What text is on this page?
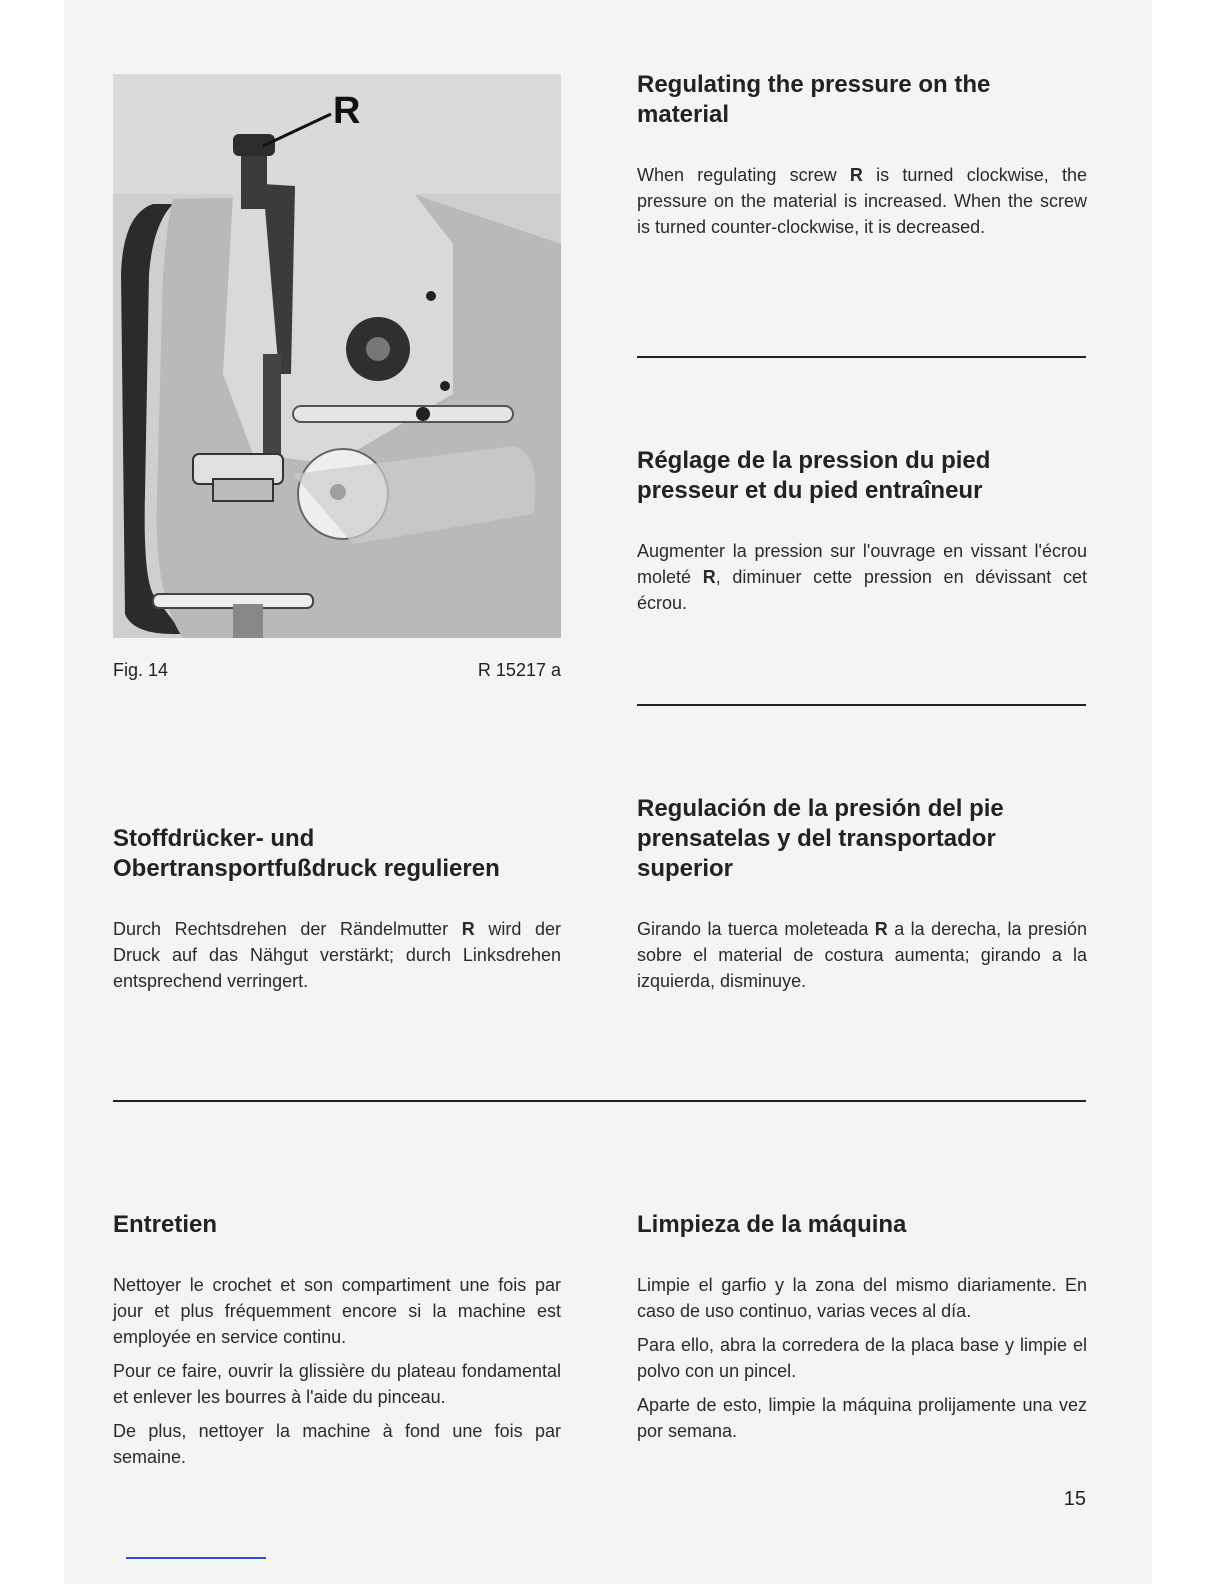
R
Fig. 14	R 15217 a
Regulating the pressure on the material

When regulating screw R is turned clockwise, the pressure on the material is increased. When the screw is turned counter-clockwise, it is decreased.

Réglage de la pression du pied presseur et du pied entraîneur

Augmenter la pression sur l'ouvrage en vissant l'écrou moleté R, diminuer cette pression en dévissant cet écrou.

Regulación de la presión del pie prensatelas y del transportador superior

Girando la tuerca moleteada R a la derecha, la presión sobre el material de costura aumenta; girando a la izquierda, disminuye.

Stoffdrücker- und Obertransportfußdruck regulieren

Durch Rechtsdrehen der Rändelmutter R wird der Druck auf das Nähgut verstärkt; durch Linksdrehen entsprechend verringert.

Entretien

Nettoyer le crochet et son compartiment une fois par jour et plus fréquemment encore si la machine est employée en service continu.

Pour ce faire, ouvrir la glissière du plateau fondamental et enlever les bourres à l'aide du pinceau.

De plus, nettoyer la machine à fond une fois par semaine.

Limpieza de la máquina

Limpie el garfio y la zona del mismo diariamente. En caso de uso continuo, varias veces al día.

Para ello, abra la corredera de la placa base y limpie el polvo con un pincel.

Aparte de esto, limpie la máquina prolijamente una vez por semana.

15
